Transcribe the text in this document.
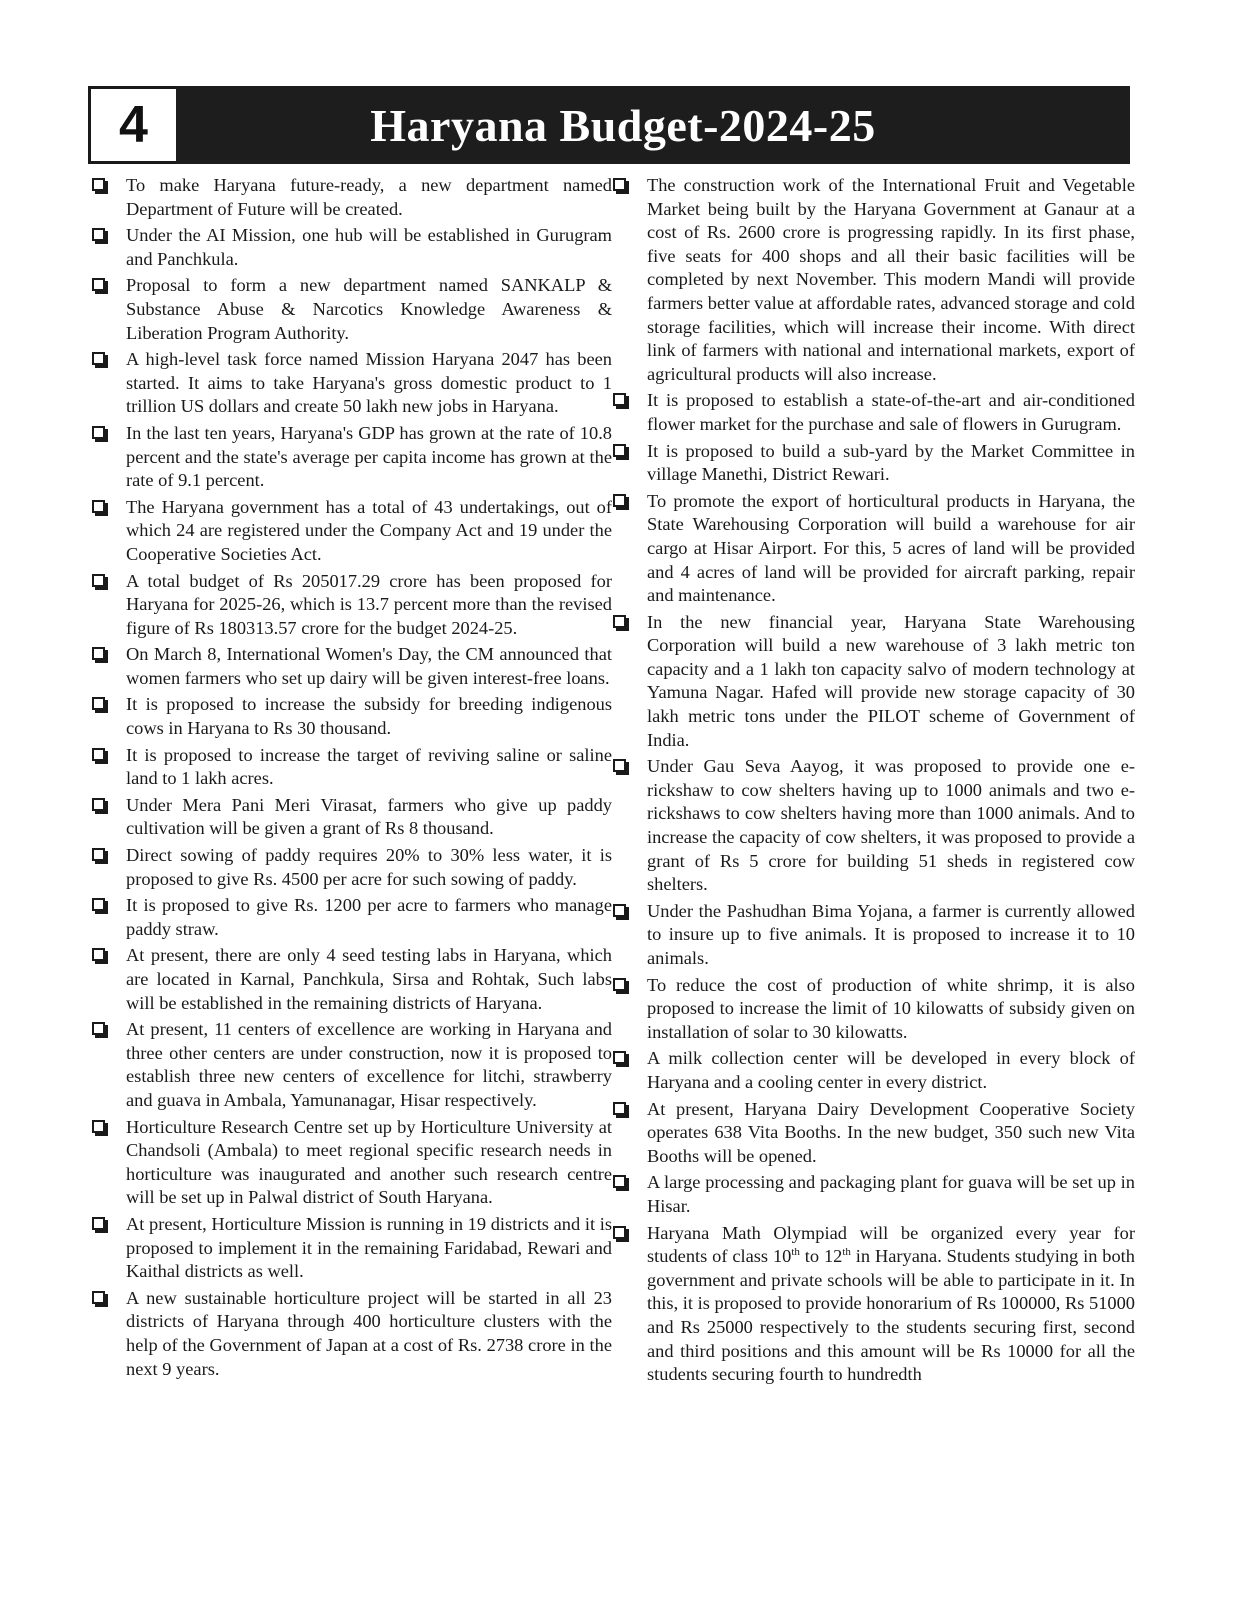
4	Haryana Budget-2024-25
To make Haryana future-ready, a new department named Department of Future will be created.
Under the AI Mission, one hub will be established in Gurugram and Panchkula.
Proposal to form a new department named SANKALP & Substance Abuse & Narcotics Knowledge Awareness & Liberation Program Authority.
A high-level task force named Mission Haryana 2047 has been started. It aims to take Haryana's gross domestic product to 1 trillion US dollars and create 50 lakh new jobs in Haryana.
In the last ten years, Haryana's GDP has grown at the rate of 10.8 percent and the state's average per capita income has grown at the rate of 9.1 percent.
The Haryana government has a total of 43 undertakings, out of which 24 are registered under the Company Act and 19 under the Cooperative Societies Act.
A total budget of Rs 205017.29 crore has been proposed for Haryana for 2025-26, which is 13.7 percent more than the revised figure of Rs 180313.57 crore for the budget 2024-25.
On March 8, International Women's Day, the CM announced that women farmers who set up dairy will be given interest-free loans.
It is proposed to increase the subsidy for breeding indigenous cows in Haryana to Rs 30 thousand.
It is proposed to increase the target of reviving saline or saline land to 1 lakh acres.
Under Mera Pani Meri Virasat, farmers who give up paddy cultivation will be given a grant of Rs 8 thousand.
Direct sowing of paddy requires 20% to 30% less water, it is proposed to give Rs. 4500 per acre for such sowing of paddy.
It is proposed to give Rs. 1200 per acre to farmers who manage paddy straw.
At present, there are only 4 seed testing labs in Haryana, which are located in Karnal, Panchkula, Sirsa and Rohtak, Such labs will be established in the remaining districts of Haryana.
At present, 11 centers of excellence are working in Haryana and three other centers are under construction, now it is proposed to establish three new centers of excellence for litchi, strawberry and guava in Ambala, Yamunanagar, Hisar respectively.
Horticulture Research Centre set up by Horticulture University at Chandsoli (Ambala) to meet regional specific research needs in horticulture was inaugurated and another such research centre will be set up in Palwal district of South Haryana.
At present, Horticulture Mission is running in 19 districts and it is proposed to implement it in the remaining Faridabad, Rewari and Kaithal districts as well.
A new sustainable horticulture project will be started in all 23 districts of Haryana through 400 horticulture clusters with the help of the Government of Japan at a cost of Rs. 2738 crore in the next 9 years.
The construction work of the International Fruit and Vegetable Market being built by the Haryana Government at Ganaur at a cost of Rs. 2600 crore is progressing rapidly. In its first phase, five seats for 400 shops and all their basic facilities will be completed by next November. This modern Mandi will provide farmers better value at affordable rates, advanced storage and cold storage facilities, which will increase their income. With direct link of farmers with national and international markets, export of agricultural products will also increase.
It is proposed to establish a state-of-the-art and air-conditioned flower market for the purchase and sale of flowers in Gurugram.
It is proposed to build a sub-yard by the Market Committee in village Manethi, District Rewari.
To promote the export of horticultural products in Haryana, the State Warehousing Corporation will build a warehouse for air cargo at Hisar Airport. For this, 5 acres of land will be provided and 4 acres of land will be provided for aircraft parking, repair and maintenance.
In the new financial year, Haryana State Warehousing Corporation will build a new warehouse of 3 lakh metric ton capacity and a 1 lakh ton capacity salvo of modern technology at Yamuna Nagar. Hafed will provide new storage capacity of 30 lakh metric tons under the PILOT scheme of Government of India.
Under Gau Seva Aayog, it was proposed to provide one e-rickshaw to cow shelters having up to 1000 animals and two e-rickshaws to cow shelters having more than 1000 animals. And to increase the capacity of cow shelters, it was proposed to provide a grant of Rs 5 crore for building 51 sheds in registered cow shelters.
Under the Pashudhan Bima Yojana, a farmer is currently allowed to insure up to five animals. It is proposed to increase it to 10 animals.
To reduce the cost of production of white shrimp, it is also proposed to increase the limit of 10 kilowatts of subsidy given on installation of solar to 30 kilowatts.
A milk collection center will be developed in every block of Haryana and a cooling center in every district.
At present, Haryana Dairy Development Cooperative Society operates 638 Vita Booths. In the new budget, 350 such new Vita Booths will be opened.
A large processing and packaging plant for guava will be set up in Hisar.
Haryana Math Olympiad will be organized every year for students of class 10th to 12th in Haryana. Students studying in both government and private schools will be able to participate in it. In this, it is proposed to provide honorarium of Rs 100000, Rs 51000 and Rs 25000 respectively to the students securing first, second and third positions and this amount will be Rs 10000 for all the students securing fourth to hundredth
